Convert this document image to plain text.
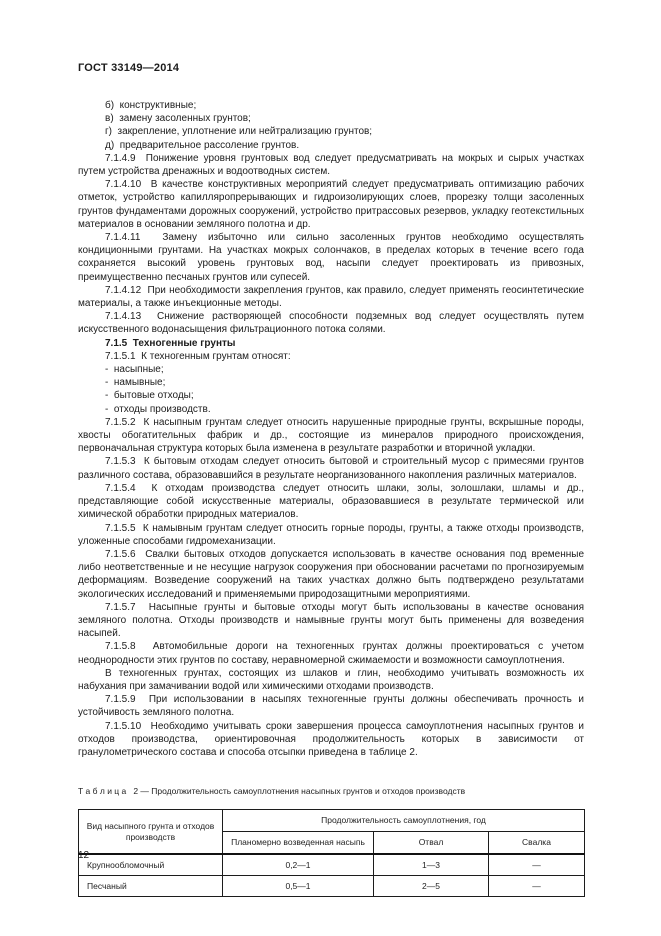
ГОСТ 33149—2014
б)  конструктивные;
в)  замену засоленных грунтов;
г)  закрепление, уплотнение или нейтрализацию грунтов;
д)  предварительное рассоление грунтов.
7.1.4.9  Понижение уровня грунтовых вод следует предусматривать на мокрых и сырых участках путем устройства дренажных и водоотводных систем.
7.1.4.10  В качестве конструктивных мероприятий следует предусматривать оптимизацию рабочих отметок, устройство капилляропрерывающих и гидроизолирующих слоев, прорезку толщи засоленных грунтов фундаментами дорожных сооружений, устройство притрассовых резервов, укладку геотекстильных материалов в основании земляного полотна и др.
7.1.4.11  Замену избыточно или сильно засоленных грунтов необходимо осуществлять кондиционными грунтами. На участках мокрых солончаков, в пределах которых в течение всего года сохраняется высокий уровень грунтовых вод, насыпи следует проектировать из привозных, преимущественно песчаных грунтов или супесей.
7.1.4.12  При необходимости закрепления грунтов, как правило, следует применять геосинтетические материалы, а также инъекционные методы.
7.1.4.13  Снижение растворяющей способности подземных вод следует осуществлять путем искусственного водонасыщения фильтрационного потока солями.
7.1.5  Техногенные грунты
7.1.5.1  К техногенным грунтам относят:
-  насыпные;
-  намывные;
-  бытовые отходы;
-  отходы производств.
7.1.5.2  К насыпным грунтам следует относить нарушенные природные грунты, вскрышные породы, хвосты обогатительных фабрик и др., состоящие из минералов природного происхождения, первоначальная структура которых была изменена в результате разработки и вторичной укладки.
7.1.5.3  К бытовым отходам следует относить бытовой и строительный мусор с примесями грунтов различного состава, образовавшийся в результате неорганизованного накопления различных материалов.
7.1.5.4  К отходам производства следует относить шлаки, золы, золошлаки, шламы и др., представляющие собой искусственные материалы, образовавшиеся в результате термической или химической обработки природных материалов.
7.1.5.5  К намывным грунтам следует относить горные породы, грунты, а также отходы производств, уложенные способами гидромеханизации.
7.1.5.6  Свалки бытовых отходов допускается использовать в качестве основания под временные либо неответственные и не несущие нагрузок сооружения при обосновании расчетами по прогнозируемым деформациям. Возведение сооружений на таких участках должно быть подтверждено результатами экологических исследований и применяемыми природозащитными мероприятиями.
7.1.5.7  Насыпные грунты и бытовые отходы могут быть использованы в качестве основания земляного полотна. Отходы производств и намывные грунты могут быть применены для возведения насыпей.
7.1.5.8  Автомобильные дороги на техногенных грунтах должны проектироваться с учетом неоднородности этих грунтов по составу, неравномерной сжимаемости и возможности самоуплотнения.
В техногенных грунтах, состоящих из шлаков и глин, необходимо учитывать возможность их набухания при замачивании водой или химическими отходами производств.
7.1.5.9  При использовании в насыпях техногенные грунты должны обеспечивать прочность и устойчивость земляного полотна.
7.1.5.10  Необходимо учитывать сроки завершения процесса самоуплотнения насыпных грунтов и отходов производства, ориентировочная продолжительность которых в зависимости от гранулометрического состава и способа отсыпки приведена в таблице 2.
Т а б л и ц а   2 — Продолжительность самоуплотнения насыпных грунтов и отходов производств
Вид насыпного грунта и отходов производств	Продолжительность самоуплотнения, год		
	Планомерно возведенная насыпь	Отвал	Свалка
Крупнообломочный	0,2—1	1—3	—
Песчаный	0,5—1	2—5	—
12
